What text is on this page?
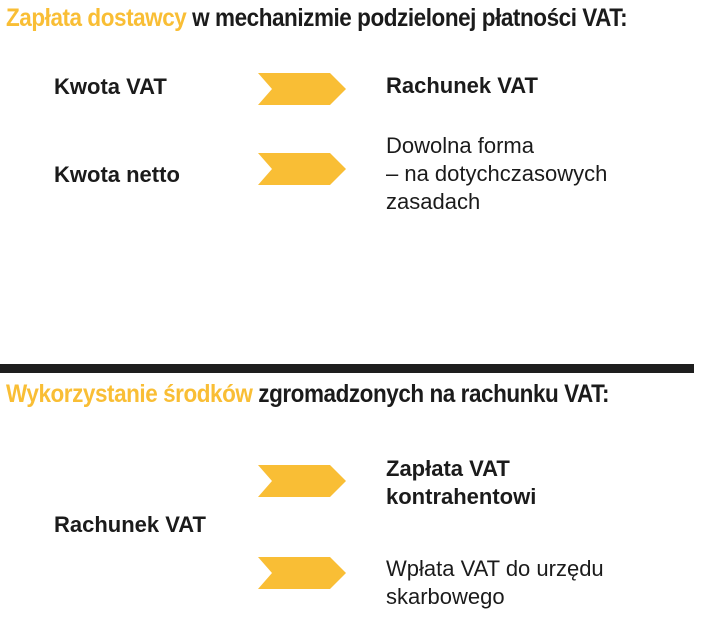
Zapłata dostawcy w mechanizmie podzielonej płatności VAT:
Kwota VAT	Rachunek VAT
Kwota netto
Dowolna forma
– na dotychczasowych
zasadach
Wykorzystanie środków zgromadzonych na rachunku VAT:
Rachunek VAT
Zapłata VAT
kontrahentowi
Wpłata VAT do urzędu
skarbowego
